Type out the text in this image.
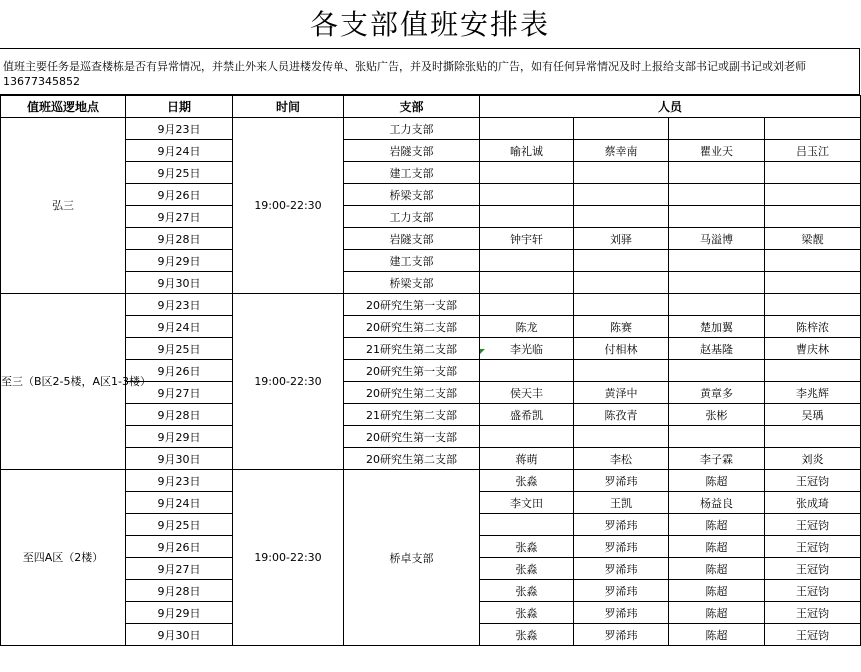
各支部值班安排表
值班主要任务是巡查楼栋是否有异常情况，并禁止外来人员进楼发传单、张贴广告，并及时撕除张贴的广告，如有任何异常情况及时上报给支部书记或副书记或刘老师13677345852
值班巡逻地点	日期	时间	支部	人员			
弘三	9月23日	19:00-22:30	工力支部				
	9月24日		岩隧支部	喻礼诚	蔡幸南	瞿业天	吕玉江
	9月25日		建工支部				
	9月26日		桥梁支部				
	9月27日		工力支部				
	9月28日		岩隧支部	钟宇轩	刘驿	马溢博	梁靓
	9月29日		建工支部				
	9月30日		桥梁支部				
至三（B区2-5楼，A区1-3楼）	9月23日	19:00-22:30	20研究生第一支部				
	9月24日		20研究生第二支部	陈龙	陈赛	楚加翼	陈梓浓
	9月25日		21研究生第二支部	李光临	付相林	赵基隆	曹庆林
	9月26日		20研究生第一支部				
	9月27日		20研究生第二支部	侯天丰	黄泽中	黄章多	李兆辉
	9月28日		21研究生第二支部	盛希凯	陈孜青	张彬	吴瑀
	9月29日		20研究生第一支部				
	9月30日		20研究生第二支部	蒋萌	李松	李子霖	刘炎
至四A区（2楼）	9月23日	19:00-22:30	桥卓支部	张淼	罗浠玮	陈超	王冠钧
	9月24日			李文田	王凯	杨益良	张成琦
	9月25日				罗浠玮	陈超	王冠钧
	9月26日			张淼	罗浠玮	陈超	王冠钧
	9月27日			张淼	罗浠玮	陈超	王冠钧
	9月28日			张淼	罗浠玮	陈超	王冠钧
	9月29日			张淼	罗浠玮	陈超	王冠钧
	9月30日			张淼	罗浠玮	陈超	王冠钧
